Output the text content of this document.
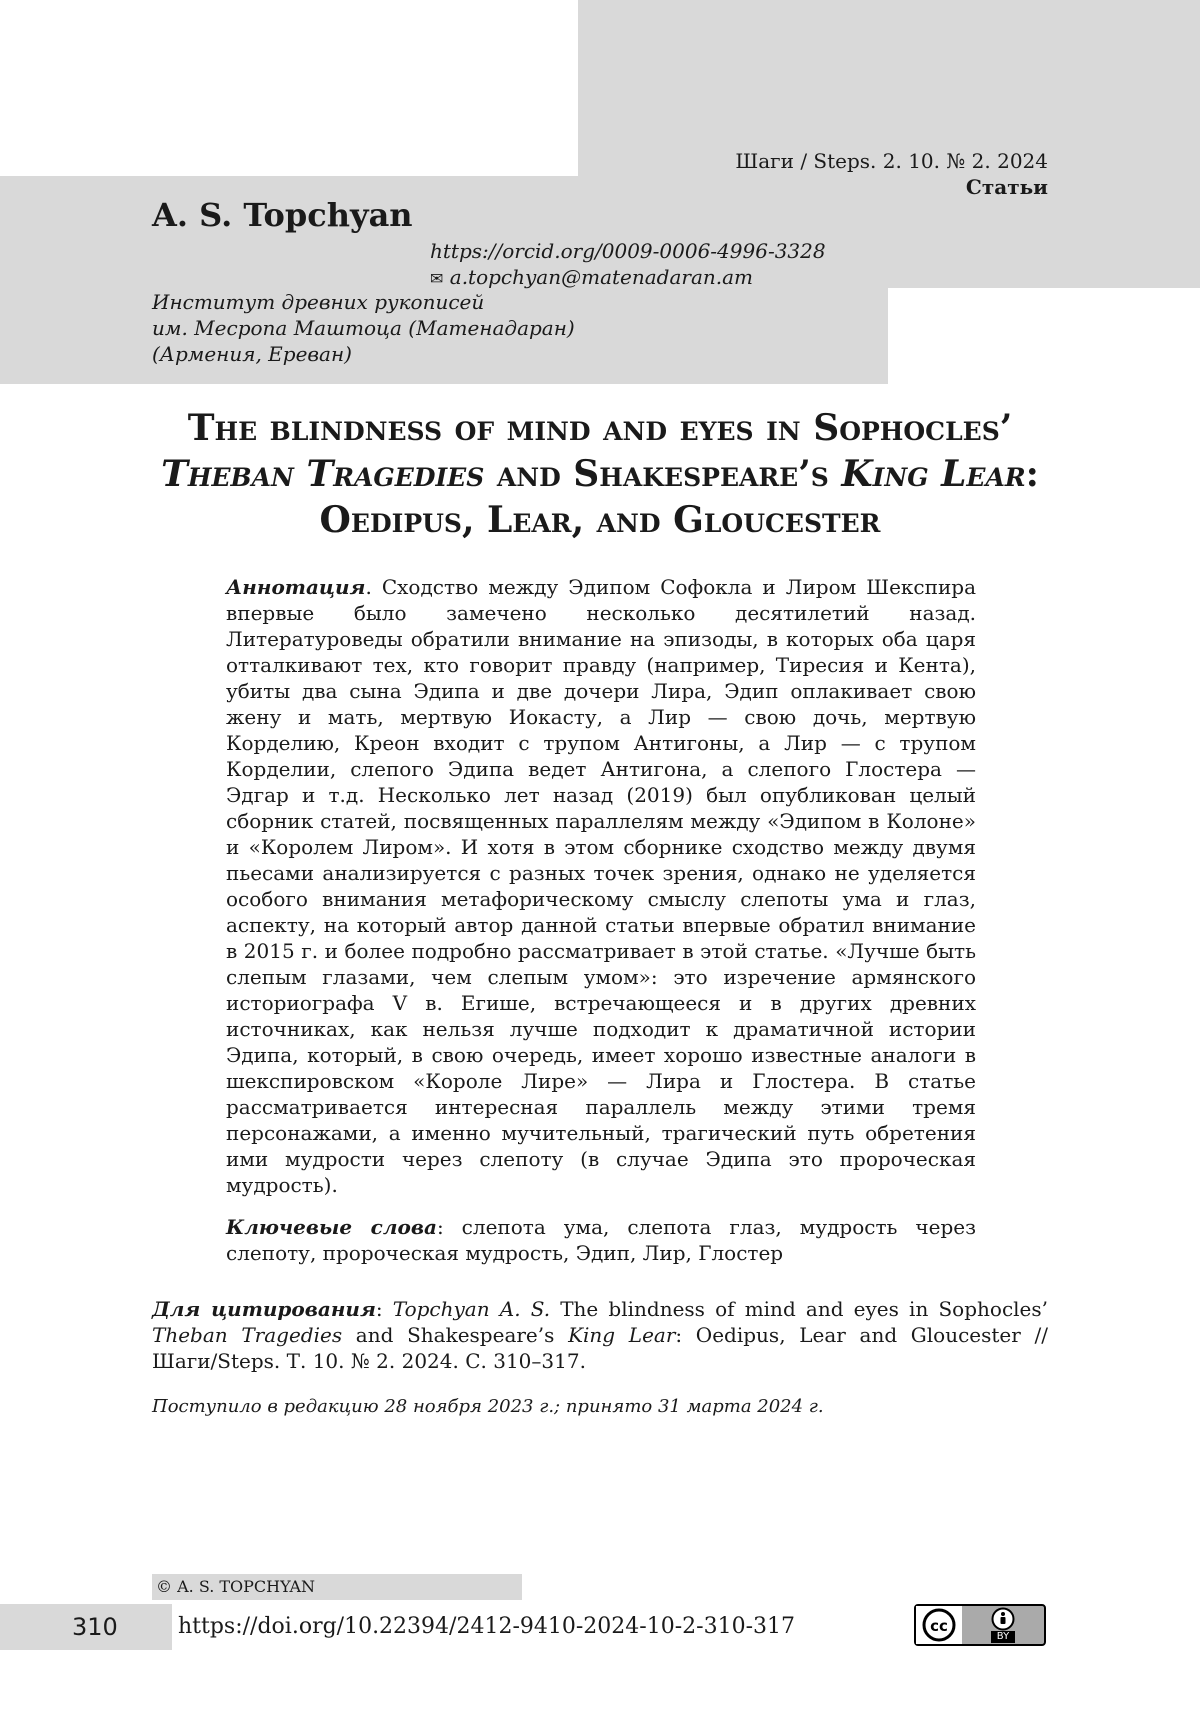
Шаги / Steps. 2. 10. № 2. 2024
Статьи
A. S. Topchyan
https://orcid.org/0009-0006-4996-3328
✉ a.topchyan@matenadaran.am
Институт древних рукописей
им. Месропа Маштоца (Матенадаран)
(Армения, Ереван)
The blindness of mind and eyes in Sophocles’ Theban Tragedies and Shakespeare’s King Lear: Oedipus, Lear, and Gloucester
Аннотация. Сходство между Эдипом Софокла и Лиром Шекспира впервые было замечено несколько десятилетий назад. Литературоведы обратили внимание на эпизоды, в которых оба царя отталкивают тех, кто говорит правду (например, Тиресия и Кента), убиты два сына Эдипа и две дочери Лира, Эдип оплакивает свою жену и мать, мертвую Иокасту, а Лир — свою дочь, мертвую Корделию, Креон входит с трупом Антигоны, а Лир — с трупом Корделии, слепого Эдипа ведет Антигона, а слепого Глостера — Эдгар и т.д. Несколько лет назад (2019) был опубликован целый сборник статей, посвященных параллелям между «Эдипом в Колоне» и «Королем Лиром». И хотя в этом сборнике сходство между двумя пьесами анализируется с разных точек зрения, однако не уделяется особого внимания метафорическому смыслу слепоты ума и глаз, аспекту, на который автор данной статьи впервые обратил внимание в 2015 г. и более подробно рассматривает в этой статье. «Лучше быть слепым глазами, чем слепым умом»: это изречение армянского историографа V в. Егише, встречающееся и в других древних источниках, как нельзя лучше подходит к драматичной истории Эдипа, который, в свою очередь, имеет хорошо известные аналоги в шекспировском «Короле Лире» — Лира и Глостера. В статье рассматривается интересная параллель между этими тремя персонажами, а именно мучительный, трагический путь обретения ими мудрости через слепоту (в случае Эдипа это пророческая мудрость).
Ключевые слова: слепота ума, слепота глаз, мудрость через слепоту, пророческая мудрость, Эдип, Лир, Глостер
Для цитирования: Topchyan A. S. The blindness of mind and eyes in Sophocles’ Theban Tragedies and Shakespeare’s King Lear: Oedipus, Lear and Gloucester // Шаги/Steps. Т. 10. № 2. 2024. С. 310–317.
Поступило в редакцию 28 ноября 2023 г.; принято 31 марта 2024 г.
© A. S. TOPCHYAN
310	https://doi.org/10.22394/2412-9410-2024-10-2-310-317	cc
BY
